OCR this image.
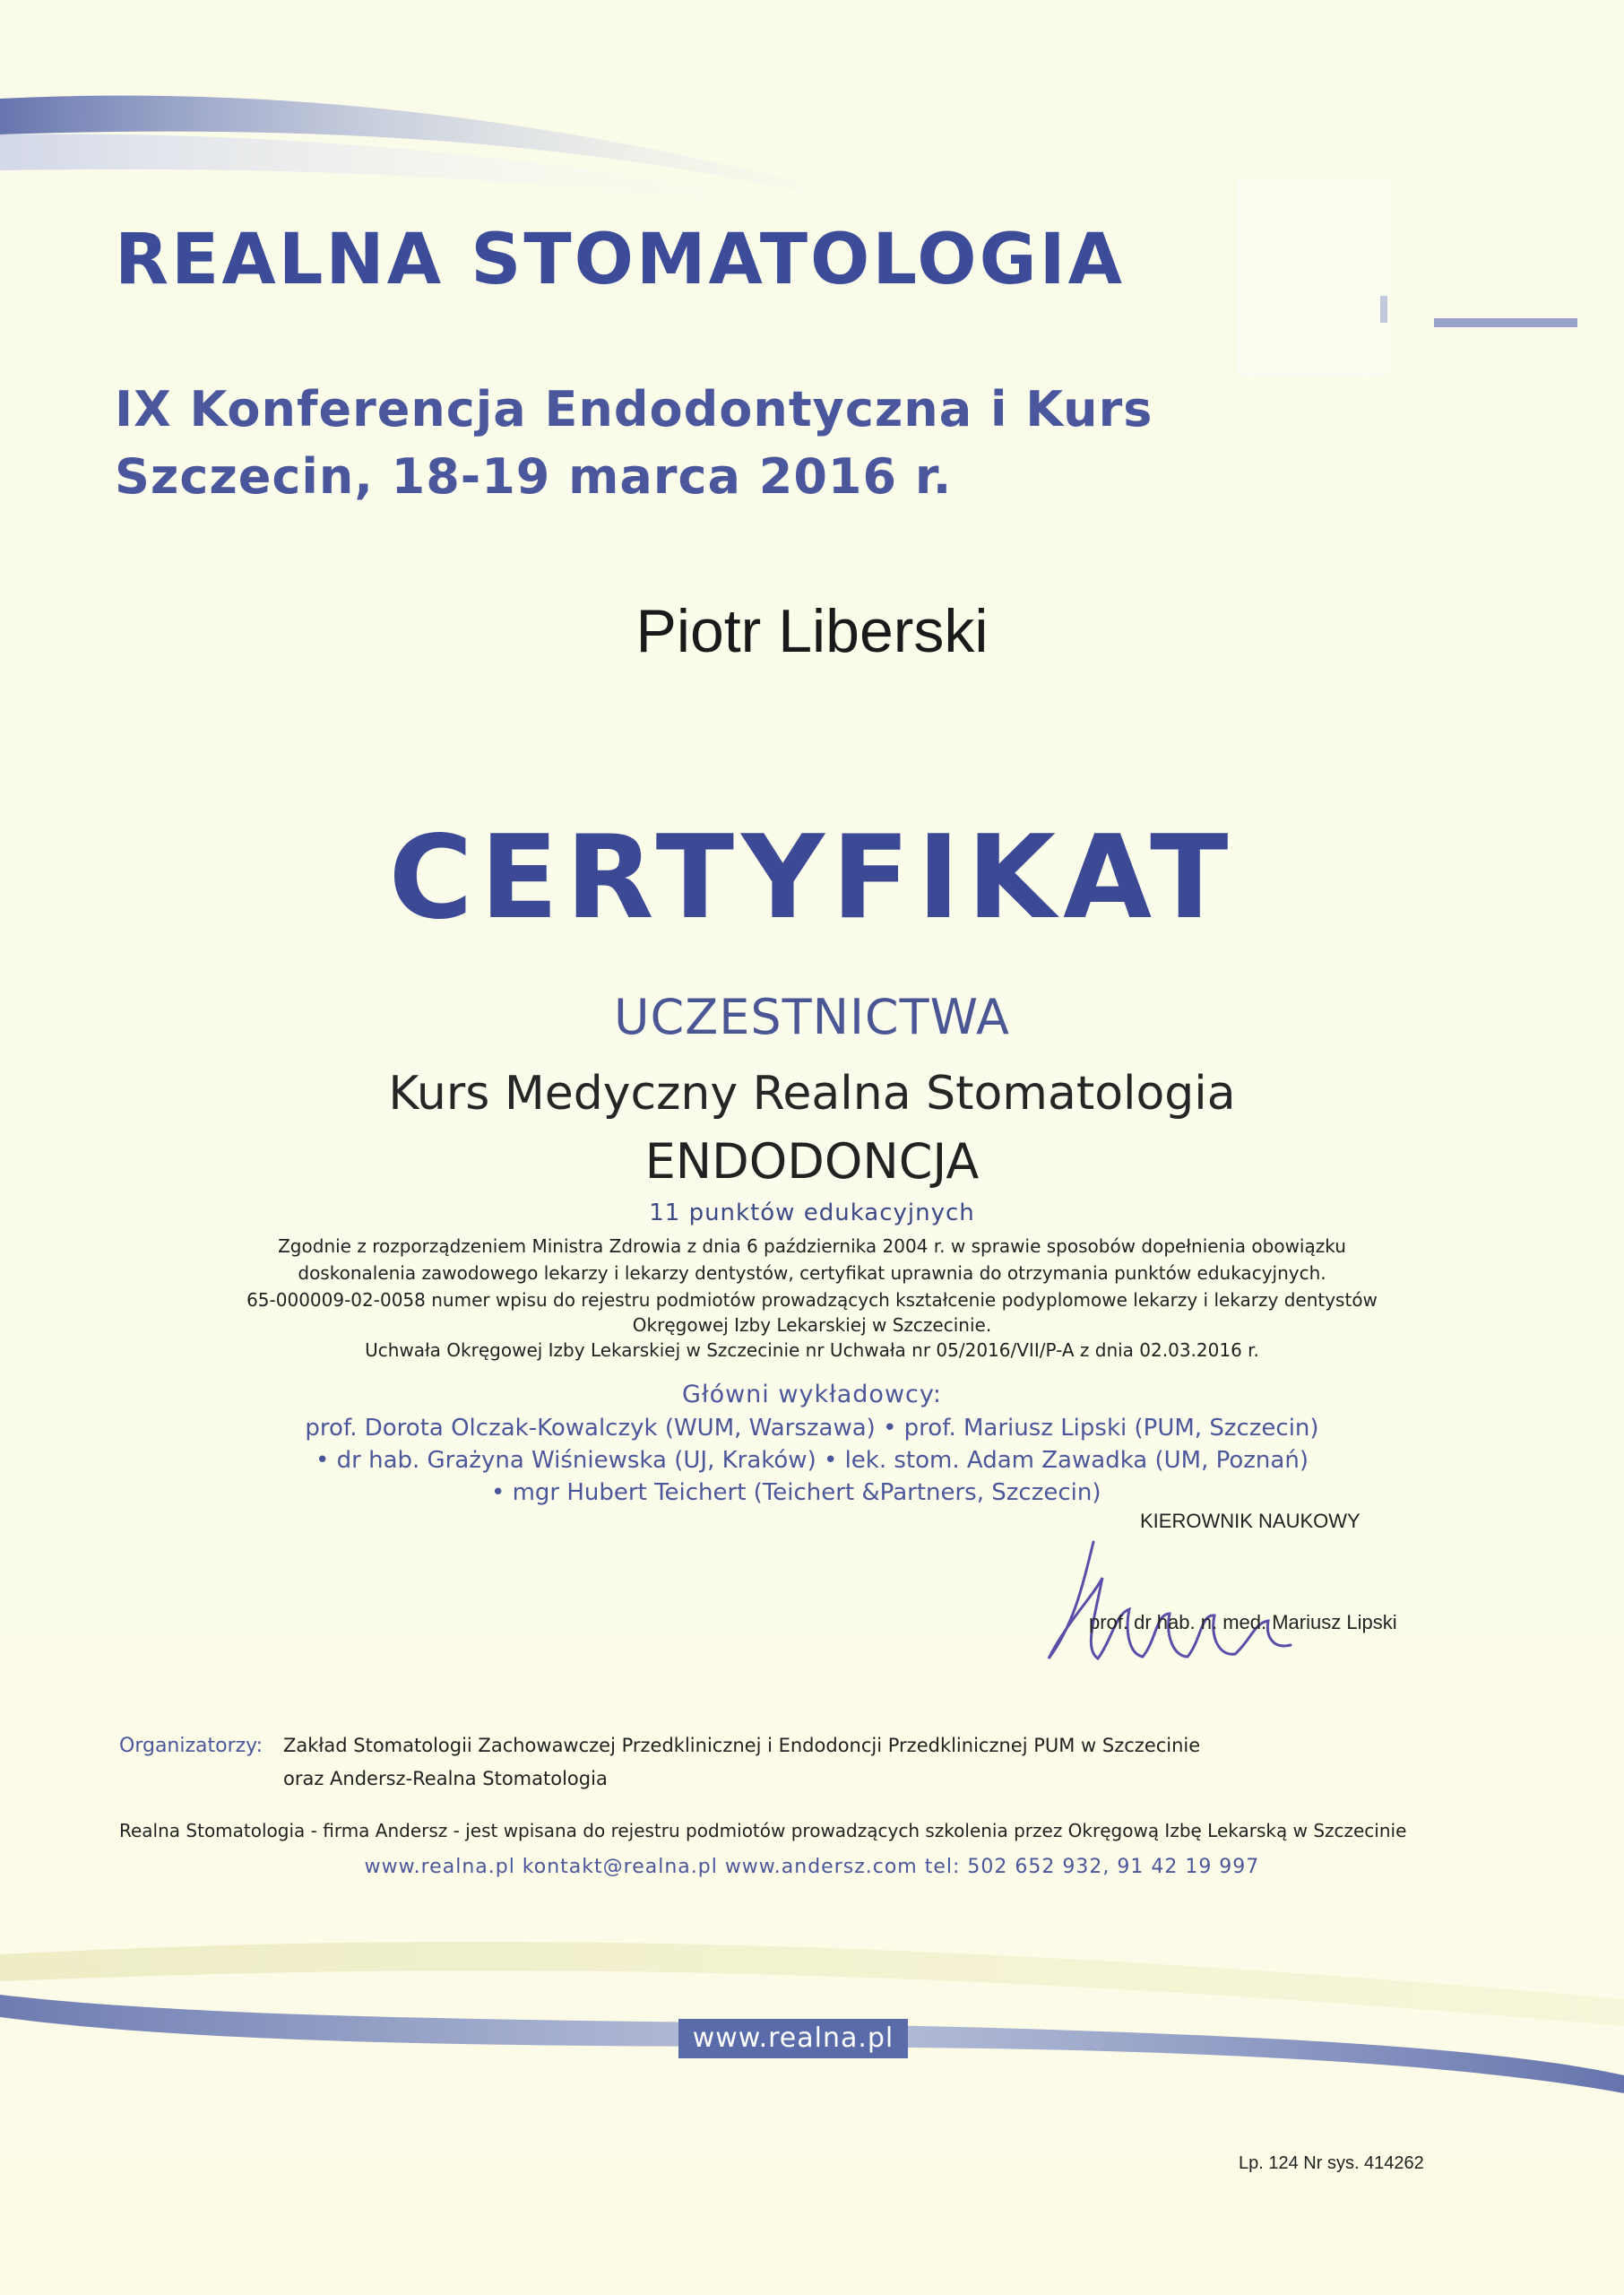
REALNA STOMATOLOGIA
IX Konferencja Endodontyczna i Kurs
Szczecin, 18-19 marca 2016 r.
Piotr Liberski
CERTYFIKAT
UCZESTNICTWA
Kurs Medyczny Realna Stomatologia
ENDODONCJA
11 punktów edukacyjnych
Zgodnie z rozporządzeniem Ministra Zdrowia z dnia 6 października 2004 r. w sprawie sposobów dopełnienia obowiązku
doskonalenia zawodowego lekarzy i lekarzy dentystów, certyfikat uprawnia do otrzymania punktów edukacyjnych.
65-000009-02-0058 numer wpisu do rejestru podmiotów prowadzących kształcenie podyplomowe lekarzy i lekarzy dentystów
Okręgowej Izby Lekarskiej w Szczecinie.
Uchwała Okręgowej Izby Lekarskiej w Szczecinie nr Uchwała nr 05/2016/VII/P-A z dnia 02.03.2016 r.
Główni wykładowcy:
prof. Dorota Olczak-Kowalczyk (WUM, Warszawa) • prof. Mariusz Lipski (PUM, Szczecin)
• dr hab. Grażyna Wiśniewska (UJ, Kraków) • lek. stom. Adam Zawadka (UM, Poznań)
• mgr Hubert Teichert (Teichert &Partners, Szczecin)
KIEROWNIK NAUKOWY
prof. dr hab. n. med. Mariusz Lipski
Organizatorzy: Zakład Stomatologii Zachowawczej Przedklinicznej i Endodoncji Przedklinicznej PUM w Szczecinie
oraz Andersz-Realna Stomatologia
Realna Stomatologia - firma Andersz - jest wpisana do rejestru podmiotów prowadzących szkolenia przez Okręgową Izbę Lekarską w Szczecinie
www.realna.pl kontakt@realna.pl www.andersz.com tel: 502 652 932, 91 42 19 997
www.realna.pl
Lp. 124 Nr sys. 414262
